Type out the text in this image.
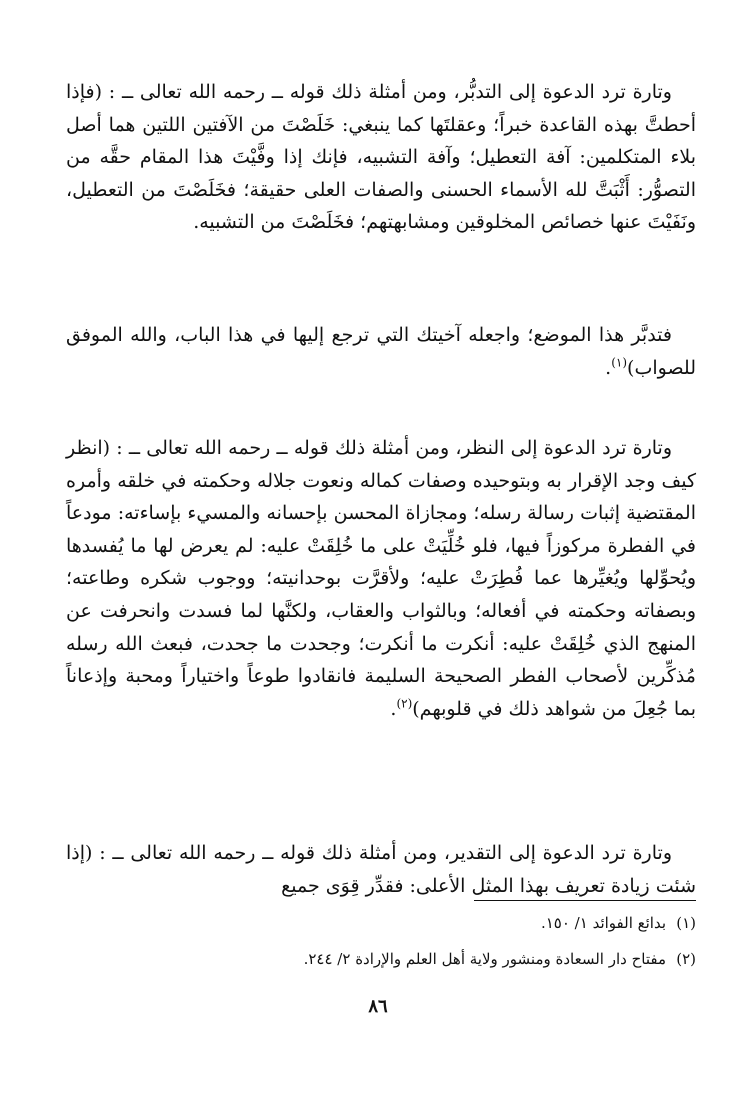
وتارة ترد الدعوة إلى التدبُّر، ومن أمثلة ذلك قوله ــ رحمه الله تعالى ــ : (فإذا أحطتَّ بهذه القاعدة خبراً؛ وعقلتَها كما ينبغي: خَلَصْتَ من الآفتين اللتين هما أصل بلاء المتكلمين: آفة التعطيل؛ وآفة التشبيه، فإنك إذا وفَّيْتَ هذا المقام حقَّه من التصوُّر: أَثْبَتَّ لله الأسماء الحسنى والصفات العلى حقيقة؛ فخَلَصْتَ من التعطيل، ونَفَيْتَ عنها خصائص المخلوقين ومشابهتهم؛ فخَلَصْتَ من التشبيه.

فتدبَّر هذا الموضع؛ واجعله آخيتك التي ترجع إليها في هذا الباب، والله الموفق للصواب)$^{(١)}$.

وتارة ترد الدعوة إلى النظر، ومن أمثلة ذلك قوله ــ رحمه الله تعالى ــ : (انظر كيف وجد الإقرار به وبتوحيده وصفات كماله ونعوت جلاله وحكمته في خلقه وأمره المقتضية إثبات رسالة رسله؛ ومجازاة المحسن بإحسانه والمسيء بإساءته: مودعاً في الفطرة مركوزاً فيها، فلو خُلِّيَتْ على ما خُلِقَتْ عليه: لم يعرض لها ما يُفسدها ويُحوِّلها ويُغيِّرها عما فُطِرَتْ عليه؛ ولأقرَّت بوحدانيته؛ ووجوب شكره وطاعته؛ وبصفاته وحكمته في أفعاله؛ وبالثواب والعقاب، ولكنَّها لما فسدت وانحرفت عن المنهج الذي خُلِقَتْ عليه: أنكرت ما أنكرت؛ وجحدت ما جحدت، فبعث الله رسله مُذكِّرين لأصحاب الفطر الصحيحة السليمة فانقادوا طوعاً واختياراً ومحبة وإذعاناً بما جُعِلَ من شواهد ذلك في قلوبهم)$^{(٢)}$.

وتارة ترد الدعوة إلى التقدير، ومن أمثلة ذلك قوله ــ رحمه الله تعالى ــ : (إذا شئت زيادة تعريف بهذا المثل الأعلى: فقدِّر قِوَى جميع

(١)
بدائع الفوائد ١/ ١٥٠.
(٢)
مفتاح دار السعادة ومنشور ولاية أهل العلم والإرادة ٢/ ٢٤٤.
٨٦
